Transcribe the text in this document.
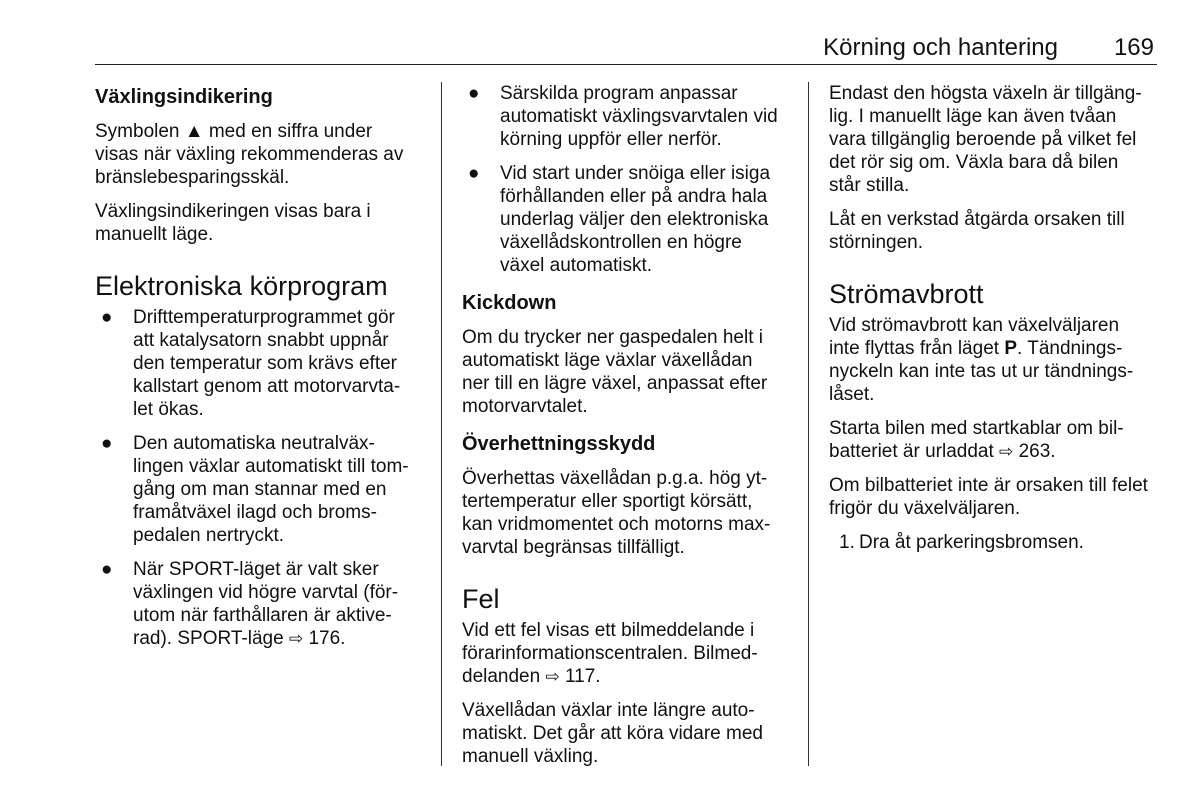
Körning och hantering 169
Växlingsindikering

Symbolen ▲ med en siffra under
visas när växling rekommenderas av
bränslebesparingsskäl.

Växlingsindikeringen visas bara i
manuellt läge.

Elektroniska körprogram
● Drifttemperaturprogrammet gör
att katalysatorn snabbt uppnår
den temperatur som krävs efter
kallstart genom att motorvarvta-
let ökas.
● Den automatiska neutralväx-
lingen växlar automatiskt till tom-
gång om man stannar med en
framåtväxel ilagd och broms-
pedalen nertryckt.
● När SPORT-läget är valt sker
växlingen vid högre varvtal (för-
utom när farthållaren är aktive-
rad). SPORT-läge ⇨ 176.
● Särskilda program anpassar
automatiskt växlingsvarvtalen vid
körning uppför eller nerför.
● Vid start under snöiga eller isiga
förhållanden eller på andra hala
underlag väljer den elektroniska
växellådskontrollen en högre
växel automatiskt.
Kickdown

Om du trycker ner gaspedalen helt i
automatiskt läge växlar växellådan
ner till en lägre växel, anpassat efter
motorvarvtalet.

Överhettningsskydd

Överhettas växellådan p.g.a. hög yt-
tertemperatur eller sportigt körsätt,
kan vridmomentet och motorns max-
varvtal begränsas tillfälligt.

Fel

Vid ett fel visas ett bilmeddelande i
förarinformationscentralen. Bilmed-
delanden ⇨ 117.

Växellådan växlar inte längre auto-
matiskt. Det går att köra vidare med
manuell växling.

Endast den högsta växeln är tillgäng-
lig. I manuellt läge kan även tvåan
vara tillgänglig beroende på vilket fel
det rör sig om. Växla bara då bilen
står stilla.

Låt en verkstad åtgärda orsaken till
störningen.

Strömavbrott

Vid strömavbrott kan växelväljaren
inte flyttas från läget P. Tändnings-
nyckeln kan inte tas ut ur tändnings-
låset.

Starta bilen med startkablar om bil-
batteriet är urladdat ⇨ 263.

Om bilbatteriet inte är orsaken till felet
frigör du växelväljaren.

1. Dra åt parkeringsbromsen.
